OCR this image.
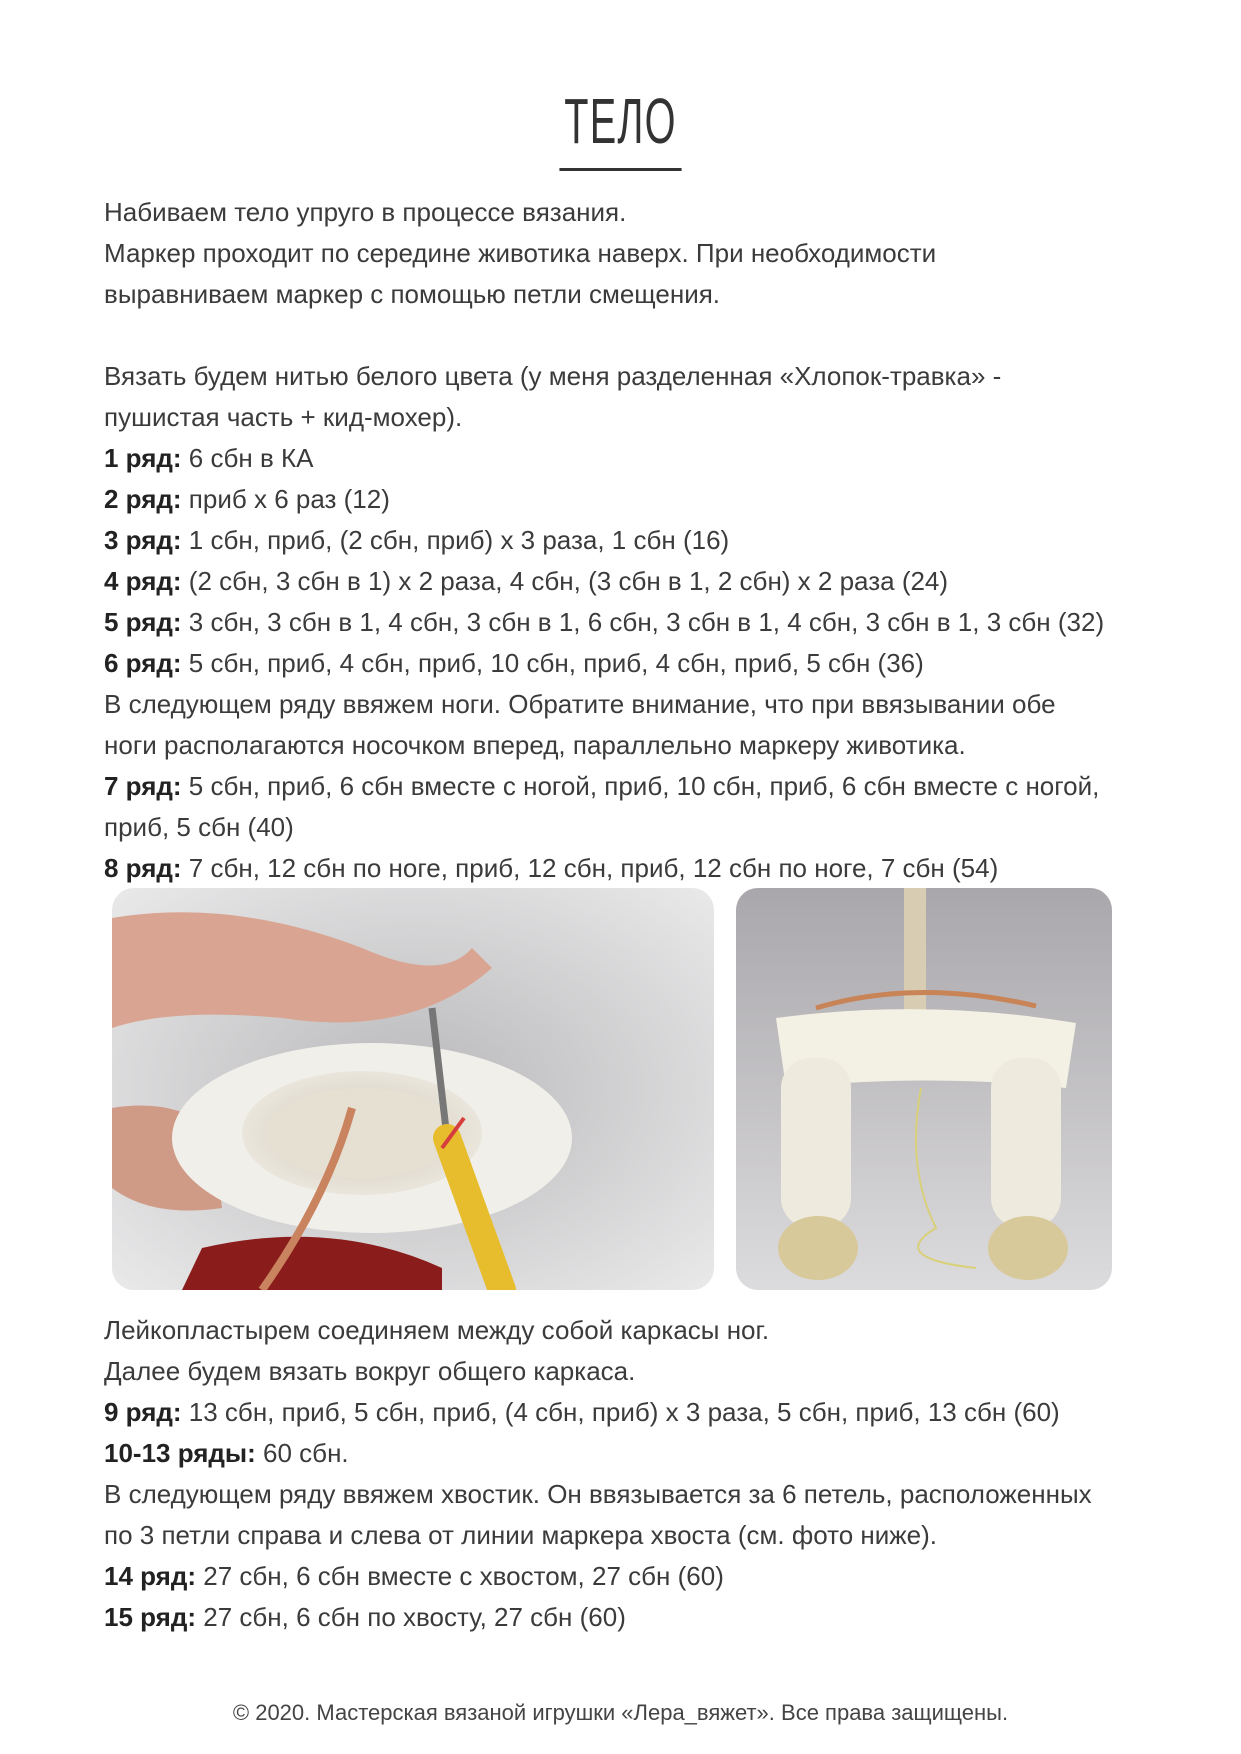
ТЕЛО

Набиваем тело упруго в процессе вязания.

Маркер проходит по середине животика наверх. При необходимости

выравниваем маркер с помощью петли смещения.

Вязать будем нитью белого цвета (у меня разделенная «Хлопок-травка» -

пушистая часть + кид-мохер).

1 ряд: 6 сбн в КА

2 ряд: приб х 6 раз (12)

3 ряд: 1 сбн, приб, (2 сбн, приб) х 3 раза, 1 сбн (16)

4 ряд: (2 сбн, 3 сбн в 1) х 2 раза, 4 сбн, (3 сбн в 1, 2 сбн) х 2 раза (24)

5 ряд: 3 сбн, 3 сбн в 1, 4 сбн, 3 сбн в 1, 6 сбн, 3 сбн в 1, 4 сбн, 3 сбн в 1, 3 сбн (32)

6 ряд: 5 сбн, приб, 4 сбн, приб, 10 сбн, приб, 4 сбн, приб, 5 сбн (36)

В следующем ряду ввяжем ноги. Обратите внимание, что при ввязывании обе

ноги располагаются носочком вперед, параллельно маркеру животика.

7 ряд: 5 сбн, приб, 6 сбн вместе с ногой, приб, 10 сбн, приб, 6 сбн вместе с ногой,

приб, 5 сбн (40)

8 ряд: 7 сбн, 12 сбн по ноге, приб, 12 сбн, приб, 12 сбн по ноге, 7 сбн (54)

Лейкопластырем соединяем между собой каркасы ног.

Далее будем вязать вокруг общего каркаса.

9 ряд: 13 сбн, приб, 5 сбн, приб, (4 сбн, приб) х 3 раза, 5 сбн, приб, 13 сбн (60)

10-13 ряды: 60 сбн.

В следующем ряду ввяжем хвостик. Он ввязывается за 6 петель, расположенных

по 3 петли справа и слева от линии маркера хвоста (см. фото ниже).

14 ряд: 27 сбн, 6 сбн вместе с хвостом, 27 сбн (60)

15 ряд: 27 сбн, 6 сбн по хвосту, 27 сбн (60)

© 2020. Мастерская вязаной игрушки «Лера_вяжет». Все права защищены.
